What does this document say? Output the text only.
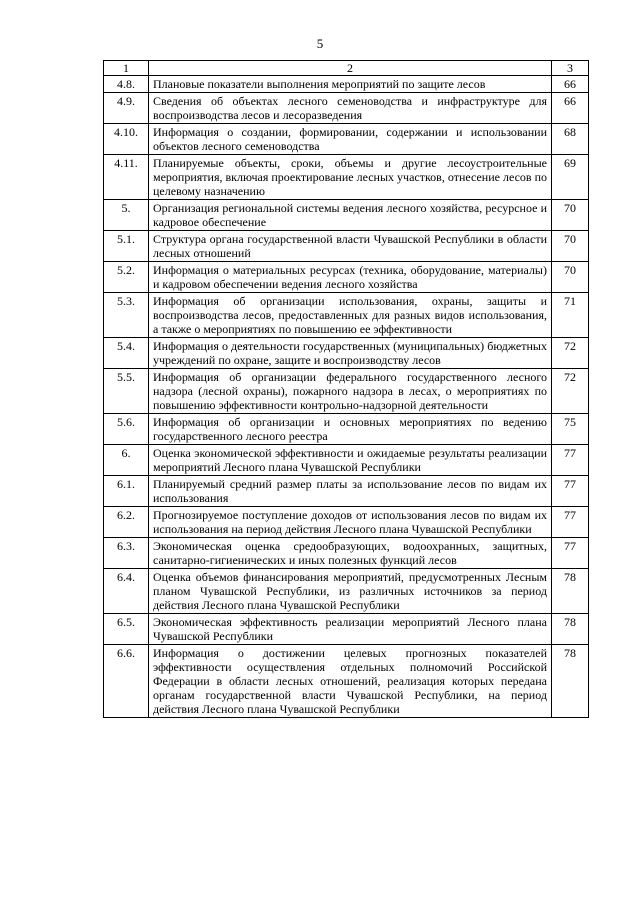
5
1	2	3
4.8.	Плановые показатели выполнения мероприятий по защите лесов	66
4.9.	Сведения об объектах лесного семеноводства и инфраструктуре для воспроизводства лесов и лесоразведения	66
4.10.	Информация о создании, формировании, содержании и использовании объектов лесного семеноводства	68
4.11.	Планируемые объекты, сроки, объемы и другие лесоустроительные мероприятия, включая проектирование лесных участков, отнесение лесов по целевому назначению	69
5.	Организация региональной системы ведения лесного хозяйства, ресурсное и кадровое обеспечение	70
5.1.	Структура органа государственной власти Чувашской Республики в области лесных отношений	70
5.2.	Информация о материальных ресурсах (техника, оборудование, материалы) и кадровом обеспечении ведения лесного хозяйства	70
5.3.	Информация об организации использования, охраны, защиты и воспроизводства лесов, предоставленных для разных видов использования, а также о мероприятиях по повышению ее эффективности	71
5.4.	Информация о деятельности государственных (муниципальных) бюджетных учреждений по охране, защите и воспроизводству лесов	72
5.5.	Информация об организации федерального государственного лесного надзора (лесной охраны), пожарного надзора в лесах, о мероприятиях по повышению эффективности контрольно-надзорной деятельности	72
5.6.	Информация об организации и основных мероприятиях по ведению государственного лесного реестра	75
6.	Оценка экономической эффективности и ожидаемые результаты реализации мероприятий Лесного плана Чувашской Республики	77
6.1.	Планируемый средний размер платы за использование лесов по видам их использования	77
6.2.	Прогнозируемое поступление доходов от использования лесов по видам их использования на период действия Лесного плана Чувашской Республики	77
6.3.	Экономическая оценка средообразующих, водоохранных, защитных, санитарно-гигиенических и иных полезных функций лесов	77
6.4.	Оценка объемов финансирования мероприятий, предусмотренных Лесным планом Чувашской Республики, из различных источников за период действия Лесного плана Чувашской Республики	78
6.5.	Экономическая эффективность реализации мероприятий Лесного плана Чувашской Республики	78
6.6.	Информация о достижении целевых прогнозных показателей эффективности осуществления отдельных полномочий Российской Федерации в области лесных отношений, реализация которых передана органам государственной власти Чувашской Республики, на период действия Лесного плана Чувашской Республики	78
